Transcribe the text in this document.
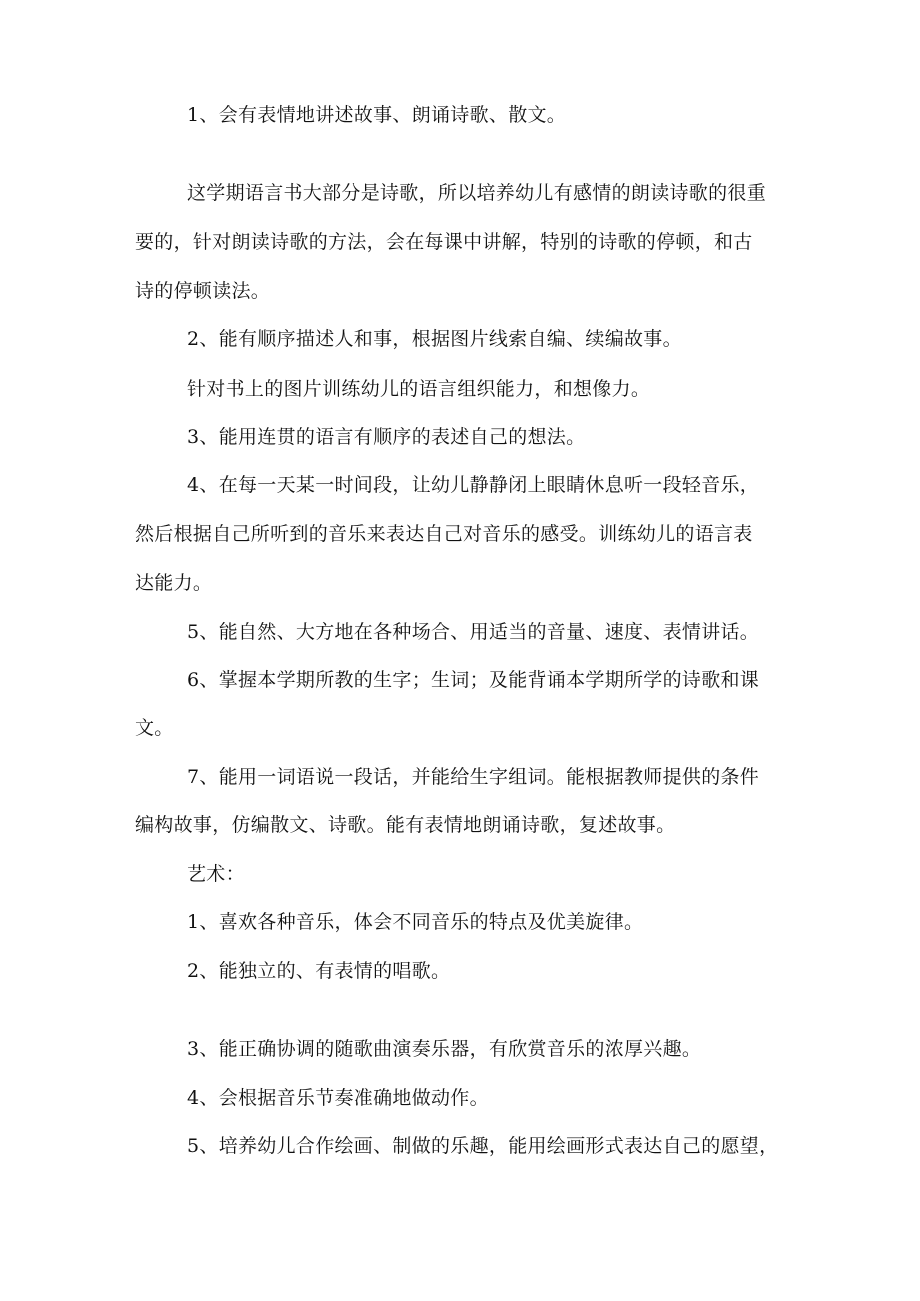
1、会有表情地讲述故事、朗诵诗歌、散文。
这学期语言书大部分是诗歌，所以培养幼儿有感情的朗读诗歌的很重
要的，针对朗读诗歌的方法，会在每课中讲解，特别的诗歌的停顿，和古
诗的停顿读法。
2、能有顺序描述人和事，根据图片线索自编、续编故事。
针对书上的图片训练幼儿的语言组织能力，和想像力。
3、能用连贯的语言有顺序的表述自己的想法。
4、在每一天某一时间段，让幼儿静静闭上眼睛休息听一段轻音乐，
然后根据自己所听到的音乐来表达自己对音乐的感受。训练幼儿的语言表
达能力。
5、能自然、大方地在各种场合、用适当的音量、速度、表情讲话。
6、掌握本学期所教的生字；生词；及能背诵本学期所学的诗歌和课
文。
7、能用一词语说一段话，并能给生字组词。能根据教师提供的条件
编构故事，仿编散文、诗歌。能有表情地朗诵诗歌，复述故事。
艺术：
1、喜欢各种音乐，体会不同音乐的特点及优美旋律。
2、能独立的、有表情的唱歌。
3、能正确协调的随歌曲演奏乐器，有欣赏音乐的浓厚兴趣。
4、会根据音乐节奏准确地做动作。
5、培养幼儿合作绘画、制做的乐趣，能用绘画形式表达自己的愿望，
